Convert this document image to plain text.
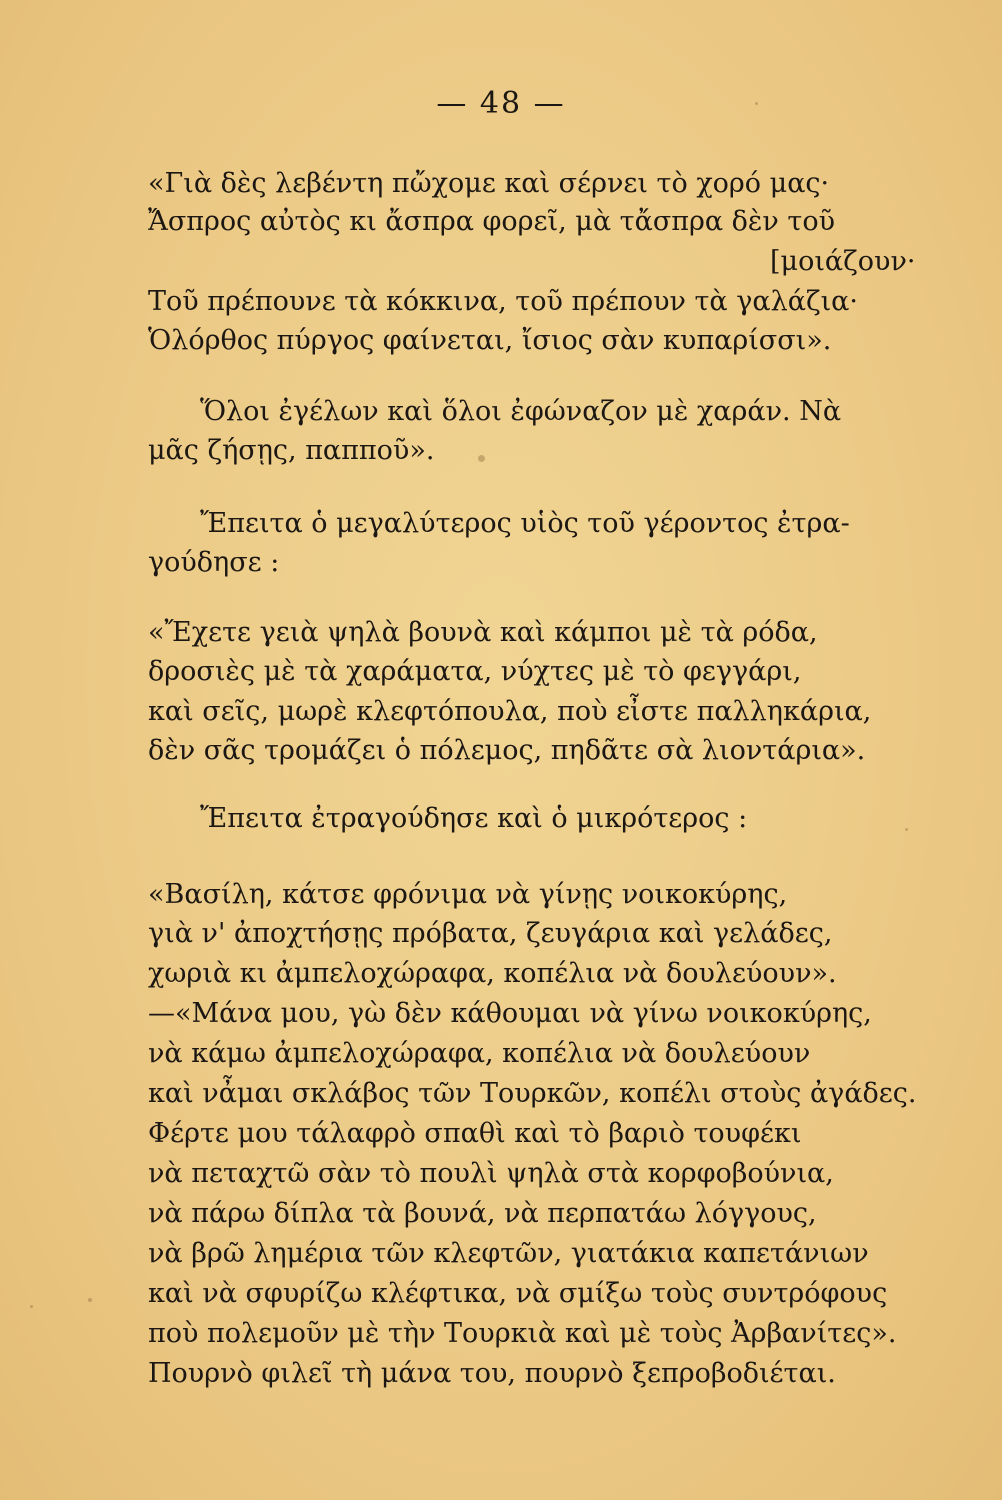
— 48 —
«Γιὰ δὲς λεβέντη πὤχομε καὶ σέρνει τὸ χορό μας·
Ἄσπρος αὐτὸς κι ἄσπρα φορεῖ, μὰ τἄσπρα δὲν τοῦ
[μοιάζουν·
Τοῦ πρέπουνε τὰ κόκκινα, τοῦ πρέπουν τὰ γαλάζια·
Ὁλόρθος πύργος φαίνεται, ἴσιος σὰν κυπαρίσσι».
Ὅλοι ἐγέλων καὶ ὅλοι ἐφώναζον μὲ χαράν. Νὰ
μᾶς ζήσῃς, παπποῦ».
Ἔπειτα ὁ μεγαλύτερος υἱὸς τοῦ γέροντος ἐτρα-
γούδησε :
«Ἔχετε γειὰ ψηλὰ βουνὰ καὶ κάμποι μὲ τὰ ρόδα,
δροσιὲς μὲ τὰ χαράματα, νύχτες μὲ τὸ φεγγάρι,
καὶ σεῖς, μωρὲ κλεφτόπουλα, ποὺ εἶστε παλληκάρια,
δὲν σᾶς τρομάζει ὁ πόλεμος, πηδᾶτε σὰ λιοντάρια».
Ἔπειτα ἐτραγούδησε καὶ ὁ μικρότερος :
«Βασίλη, κάτσε φρόνιμα νὰ γίνῃς νοικοκύρης,
γιὰ ν' ἀποχτήσῃς πρόβατα, ζευγάρια καὶ γελάδες,
χωριὰ κι ἀμπελοχώραφα, κοπέλια νὰ δουλεύουν».
—«Μάνα μου, γὼ δὲν κάθουμαι νὰ γίνω νοικοκύρης,
νὰ κάμω ἀμπελοχώραφα, κοπέλια νὰ δουλεύουν
καὶ νἆμαι σκλάβος τῶν Τουρκῶν, κοπέλι στοὺς ἀγάδες.
Φέρτε μου τάλαφρὸ σπαθὶ καὶ τὸ βαριὸ τουφέκι
νὰ πεταχτῶ σὰν τὸ πουλὶ ψηλὰ στὰ κορφοβούνια,
νὰ πάρω δίπλα τὰ βουνά, νὰ περπατάω λόγγους,
νὰ βρῶ λημέρια τῶν κλεφτῶν, γιατάκια καπετάνιων
καὶ νὰ σφυρίζω κλέφτικα, νὰ σμίξω τοὺς συντρόφους
ποὺ πολεμοῦν μὲ τὴν Τουρκιὰ καὶ μὲ τοὺς Ἀρβανίτες».
Πουρνὸ φιλεῖ τὴ μάνα του, πουρνὸ ξεπροβοδιέται.
